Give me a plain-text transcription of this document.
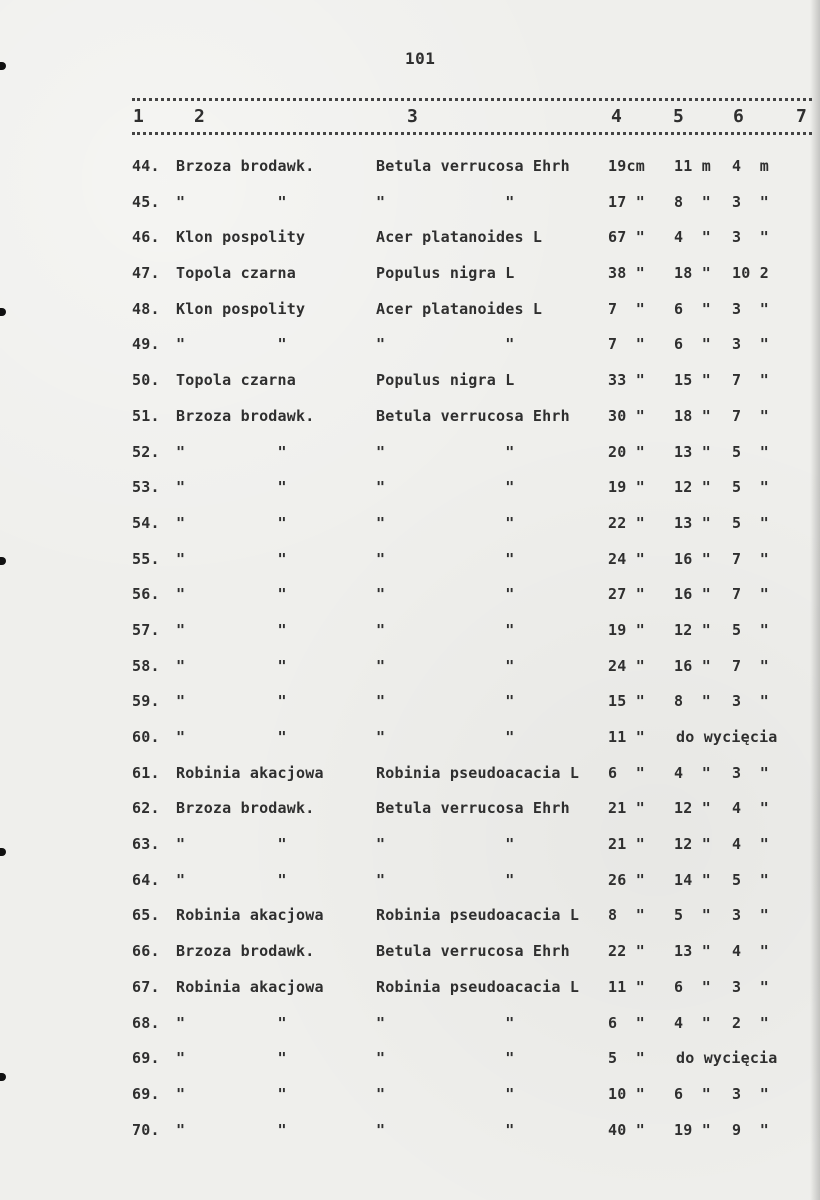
101
1	2	3	4	5	6	7
44.	Brzoza brodawk.	Betula verrucosa Ehrh	19cm	11 m	4  m
45.	"          "	"             "	17 "	8  "	3  "
46.	Klon pospolity	Acer platanoides L	67 "	4  "	3  "
47.	Topola czarna	Populus nigra L	38 "	18 "	10 2
48.	Klon pospolity	Acer platanoides L	7  "	6  "	3  "
49.	"          "	"             "	7  "	6  "	3  "
50.	Topola czarna	Populus nigra L	33 "	15 "	7  "
51.	Brzoza brodawk.	Betula verrucosa Ehrh	30 "	18 "	7  "
52.	"          "	"             "	20 "	13 "	5  "
53.	"          "	"             "	19 "	12 "	5  "
54.	"          "	"             "	22 "	13 "	5  "
55.	"          "	"             "	24 "	16 "	7  "
56.	"          "	"             "	27 "	16 "	7  "
57.	"          "	"             "	19 "	12 "	5  "
58.	"          "	"             "	24 "	16 "	7  "
59.	"          "	"             "	15 "	8  "	3  "
60.	"          "	"             "	11 "	do wycięcia
61.	Robinia akacjowa	Robinia pseudoacacia L	6  "	4  "	3  "
62.	Brzoza brodawk.	Betula verrucosa Ehrh	21 "	12 "	4  "
63.	"          "	"             "	21 "	12 "	4  "
64.	"          "	"             "	26 "	14 "	5  "
65.	Robinia akacjowa	Robinia pseudoacacia L	8  "	5  "	3  "
66.	Brzoza brodawk.	Betula verrucosa Ehrh	22 "	13 "	4  "
67.	Robinia akacjowa	Robinia pseudoacacia L	11 "	6  "	3  "
68.	"          "	"             "	6  "	4  "	2  "
69.	"          "	"             "	5  "	do wycięcia
69.	"          "	"             "	10 "	6  "	3  "
70.	"          "	"             "	40 "	19 "	9  "
